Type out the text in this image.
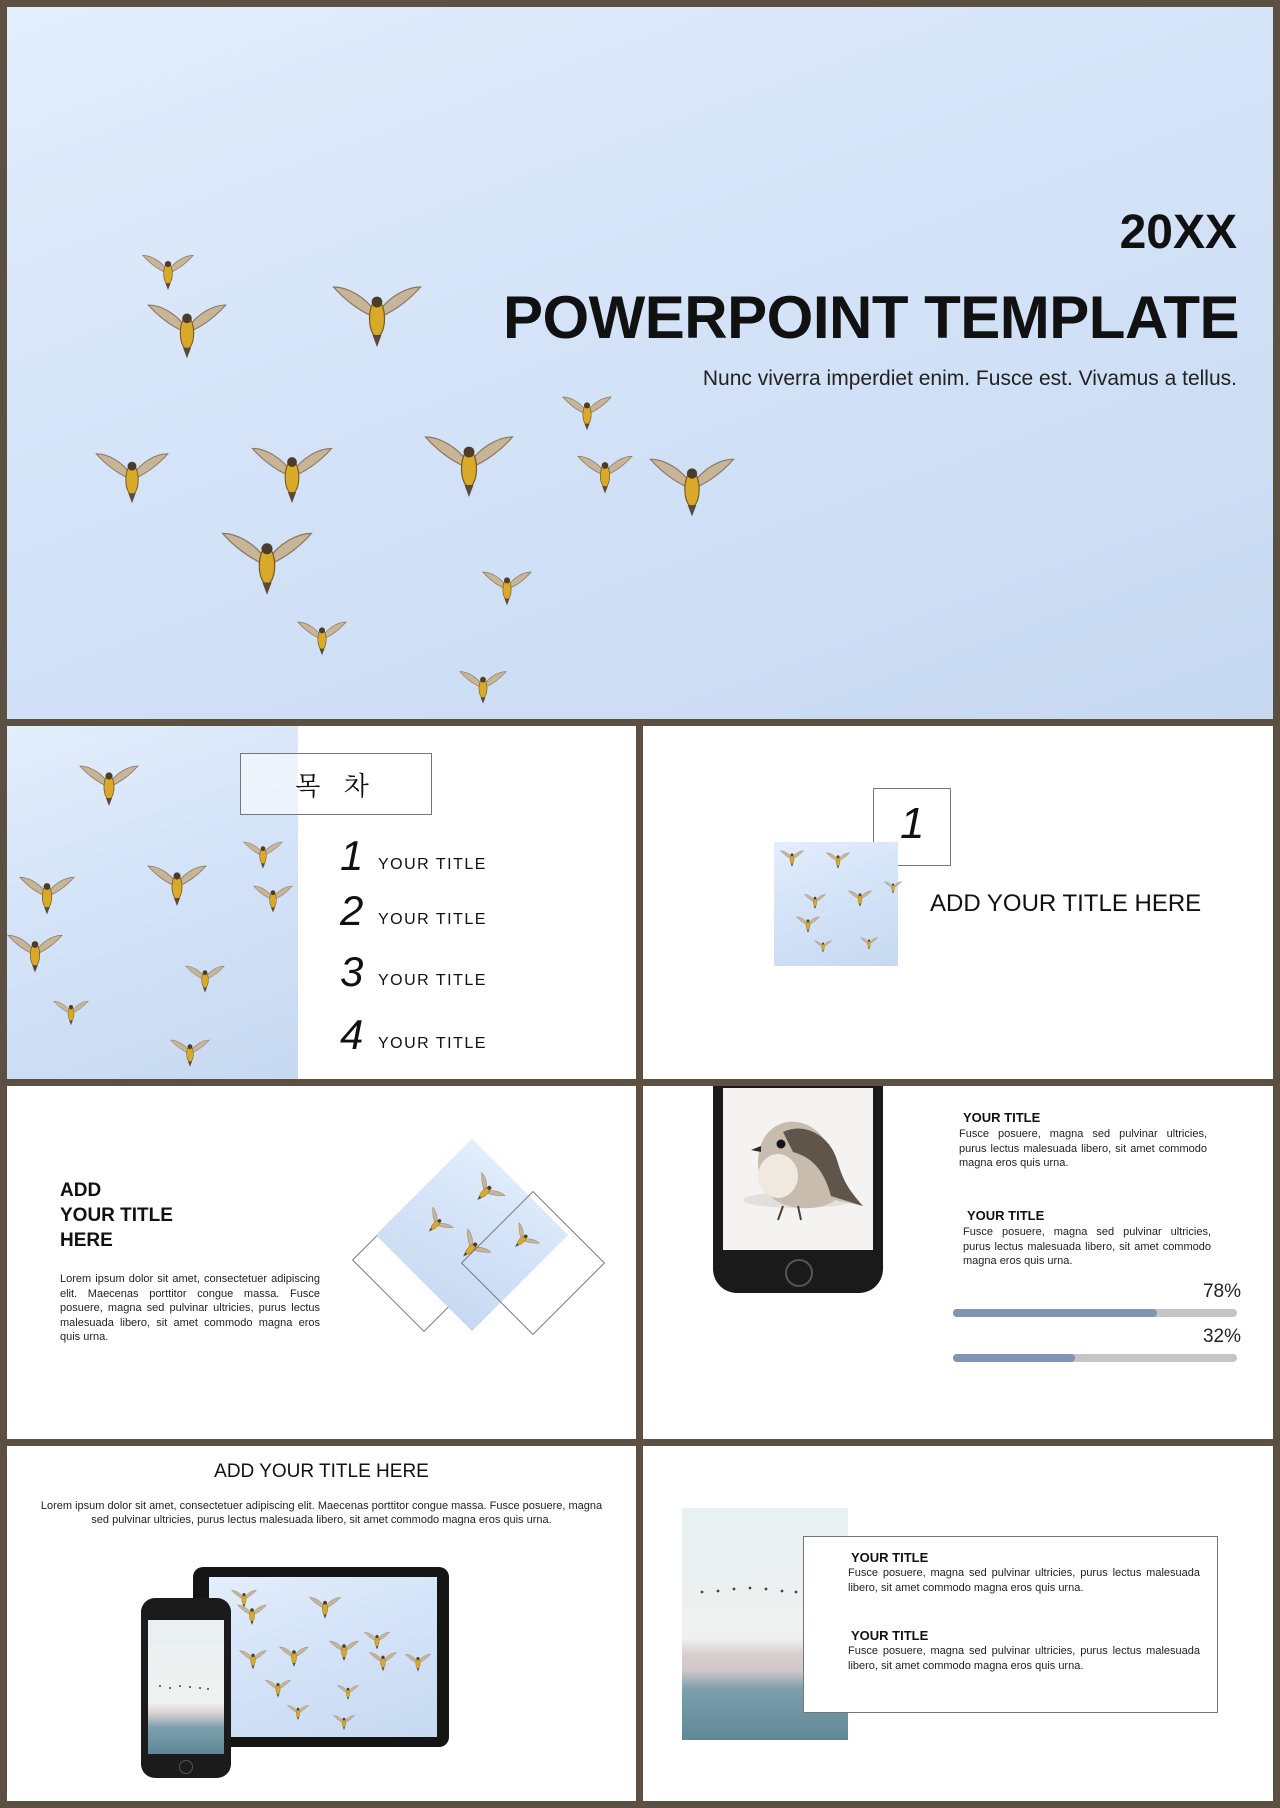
20XX
POWERPOINT TEMPLATE
Nunc viverra imperdiet enim. Fusce est. Vivamus a tellus.
목 차
1 YOUR TITLE
2 YOUR TITLE
3 YOUR TITLE
4 YOUR TITLE
1
ADD YOUR TITLE HERE
ADD
YOUR TITLE
HERE
Lorem ipsum dolor sit amet, consectetuer adipiscing elit. Maecenas porttitor congue massa. Fusce posuere, magna sed pulvinar ultricies, purus lectus malesuada libero, sit amet commodo magna eros quis urna.
YOUR TITLE
Fusce posuere, magna sed pulvinar ultricies, purus lectus malesuada libero, sit amet commodo magna eros quis urna.
YOUR TITLE
Fusce posuere, magna sed pulvinar ultricies, purus lectus malesuada libero, sit amet commodo magna eros quis urna.
78%
32%
ADD YOUR TITLE HERE
Lorem ipsum dolor sit amet, consectetuer adipiscing elit. Maecenas porttitor congue massa. Fusce posuere, magna sed pulvinar ultricies, purus lectus malesuada libero, sit amet commodo magna eros quis urna.
YOUR TITLE
Fusce posuere, magna sed pulvinar ultricies, purus lectus malesuada libero, sit amet commodo magna eros quis urna.
YOUR TITLE
Fusce posuere, magna sed pulvinar ultricies, purus lectus malesuada libero, sit amet commodo magna eros quis urna.
